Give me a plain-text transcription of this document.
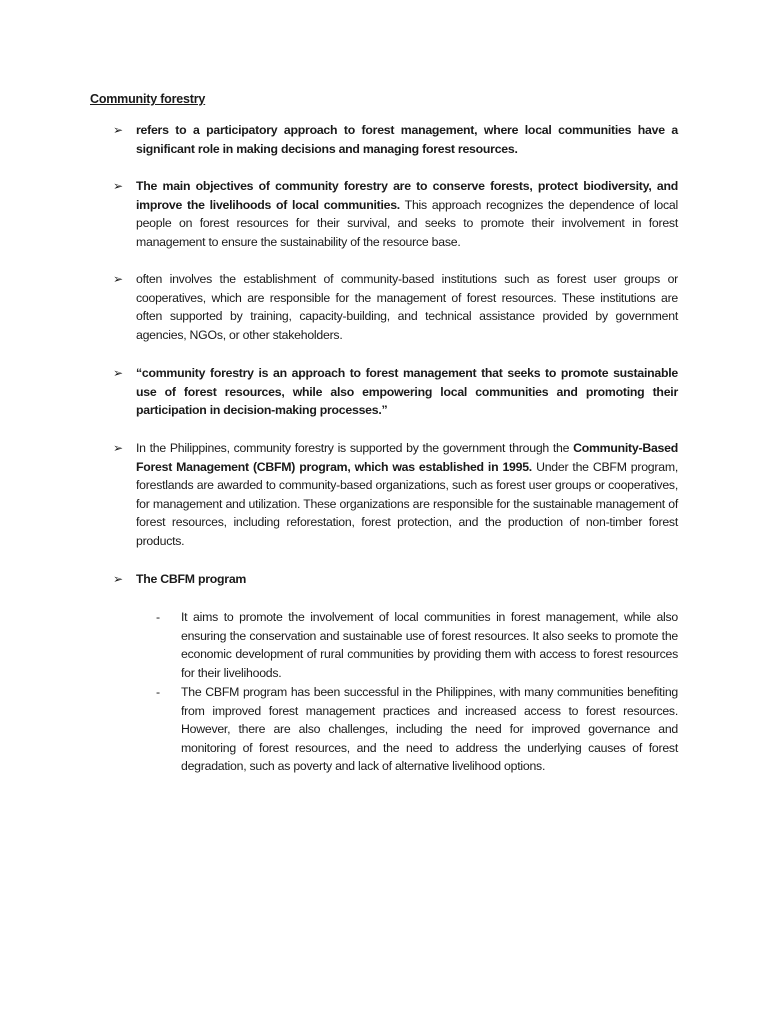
Community forestry
➢	refers to a participatory approach to forest management, where local communities have a significant role in making decisions and managing forest resources.
➢	The main objectives of community forestry are to conserve forests, protect biodiversity, and improve the livelihoods of local communities. This approach recognizes the dependence of local people on forest resources for their survival, and seeks to promote their involvement in forest management to ensure the sustainability of the resource base.
➢	often involves the establishment of community-based institutions such as forest user groups or cooperatives, which are responsible for the management of forest resources. These institutions are often supported by training, capacity-building, and technical assistance provided by government agencies, NGOs, or other stakeholders.
➢	“community forestry is an approach to forest management that seeks to promote sustainable use of forest resources, while also empowering local communities and promoting their participation in decision-making processes.”
➢	In the Philippines, community forestry is supported by the government through the Community-Based Forest Management (CBFM) program, which was established in 1995. Under the CBFM program, forestlands are awarded to community-based organizations, such as forest user groups or cooperatives, for management and utilization. These organizations are responsible for the sustainable management of forest resources, including reforestation, forest protection, and the production of non-timber forest products.
➢	The CBFM program
- It aims to promote the involvement of local communities in forest management, while also ensuring the conservation and sustainable use of forest resources. It also seeks to promote the economic development of rural communities by providing them with access to forest resources for their livelihoods.
- The CBFM program has been successful in the Philippines, with many communities benefiting from improved forest management practices and increased access to forest resources. However, there are also challenges, including the need for improved governance and monitoring of forest resources, and the need to address the underlying causes of forest degradation, such as poverty and lack of alternative livelihood options.
